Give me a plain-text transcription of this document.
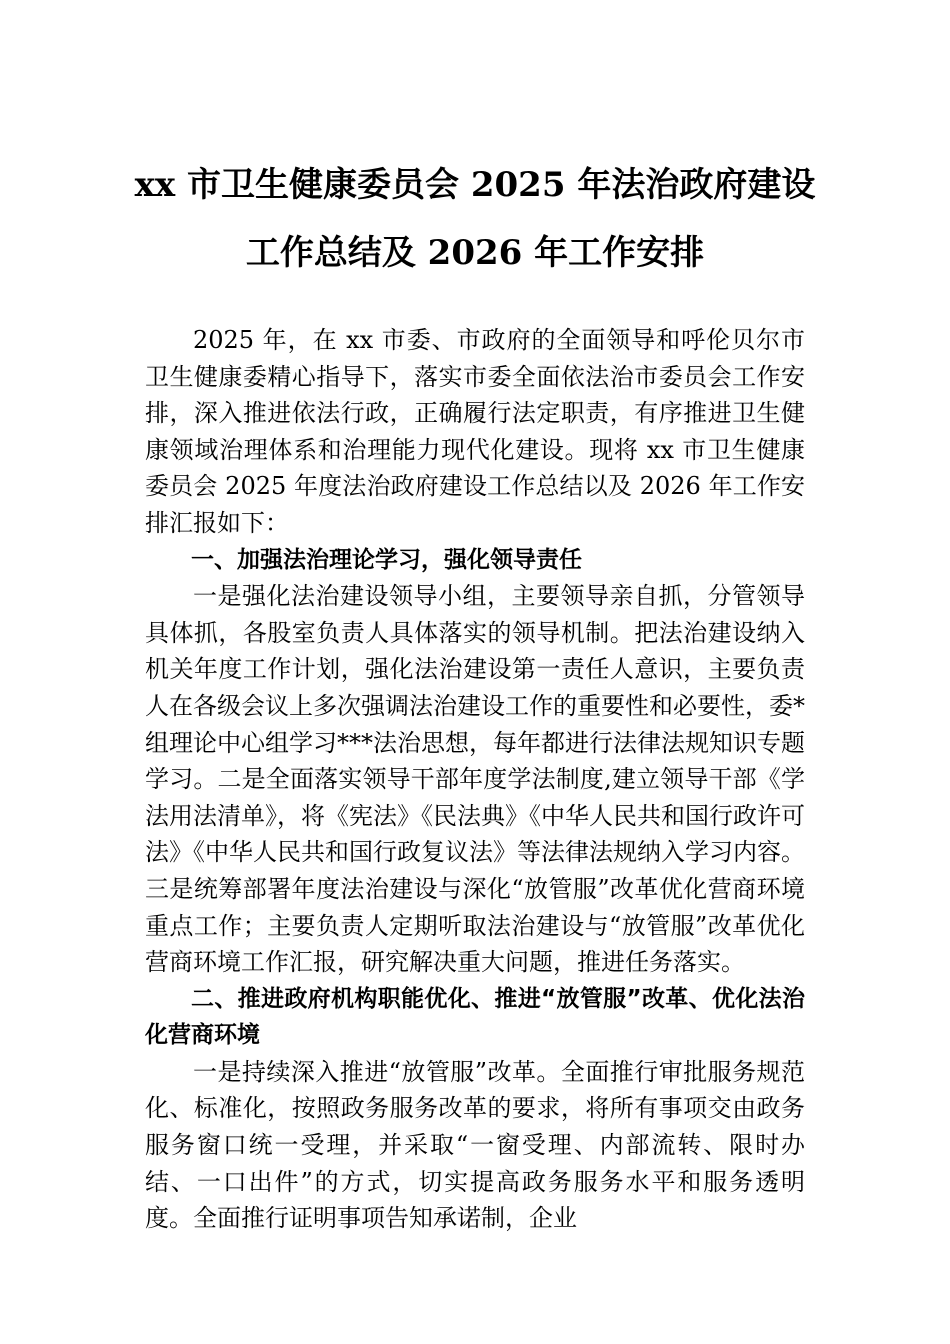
xx 市卫生健康委员会 2025 年法治政府建设
工作总结及 2026 年工作安排

2025 年，在 xx 市委、市政府的全面领导和呼伦贝尔市卫生健康委精心指导下，落实市委全面依法治市委员会工作安排，深入推进依法行政，正确履行法定职责，有序推进卫生健康领域治理体系和治理能力现代化建设。现将 xx 市卫生健康委员会 2025 年度法治政府建设工作总结以及 2026 年工作安排汇报如下：

一、加强法治理论学习，强化领导责任

一是强化法治建设领导小组，主要领导亲自抓，分管领导具体抓，各股室负责人具体落实的领导机制。把法治建设纳入机关年度工作计划，强化法治建设第一责任人意识，主要负责人在各级会议上多次强调法治建设工作的重要性和必要性，委*组理论中心组学习***法治思想，每年都进行法律法规知识专题学习。二是全面落实领导干部年度学法制度,建立领导干部《学法用法清单》，将《宪法》《民法典》《中华人民共和国行政许可法》《中华人民共和国行政复议法》等法律法规纳入学习内容。三是统筹部署年度法治建设与深化“放管服”改革优化营商环境重点工作；主要负责人定期听取法治建设与“放管服”改革优化营商环境工作汇报，研究解决重大问题，推进任务落实。

二、推进政府机构职能优化、推进“放管服”改革、优化法治化营商环境

一是持续深入推进“放管服”改革。全面推行审批服务规范化、标准化，按照政务服务改革的要求，将所有事项交由政务服务窗口统一受理，并采取“一窗受理、内部流转、限时办结、一口出件”的方式，切实提高政务服务水平和服务透明度。全面推行证明事项告知承诺制，企业
